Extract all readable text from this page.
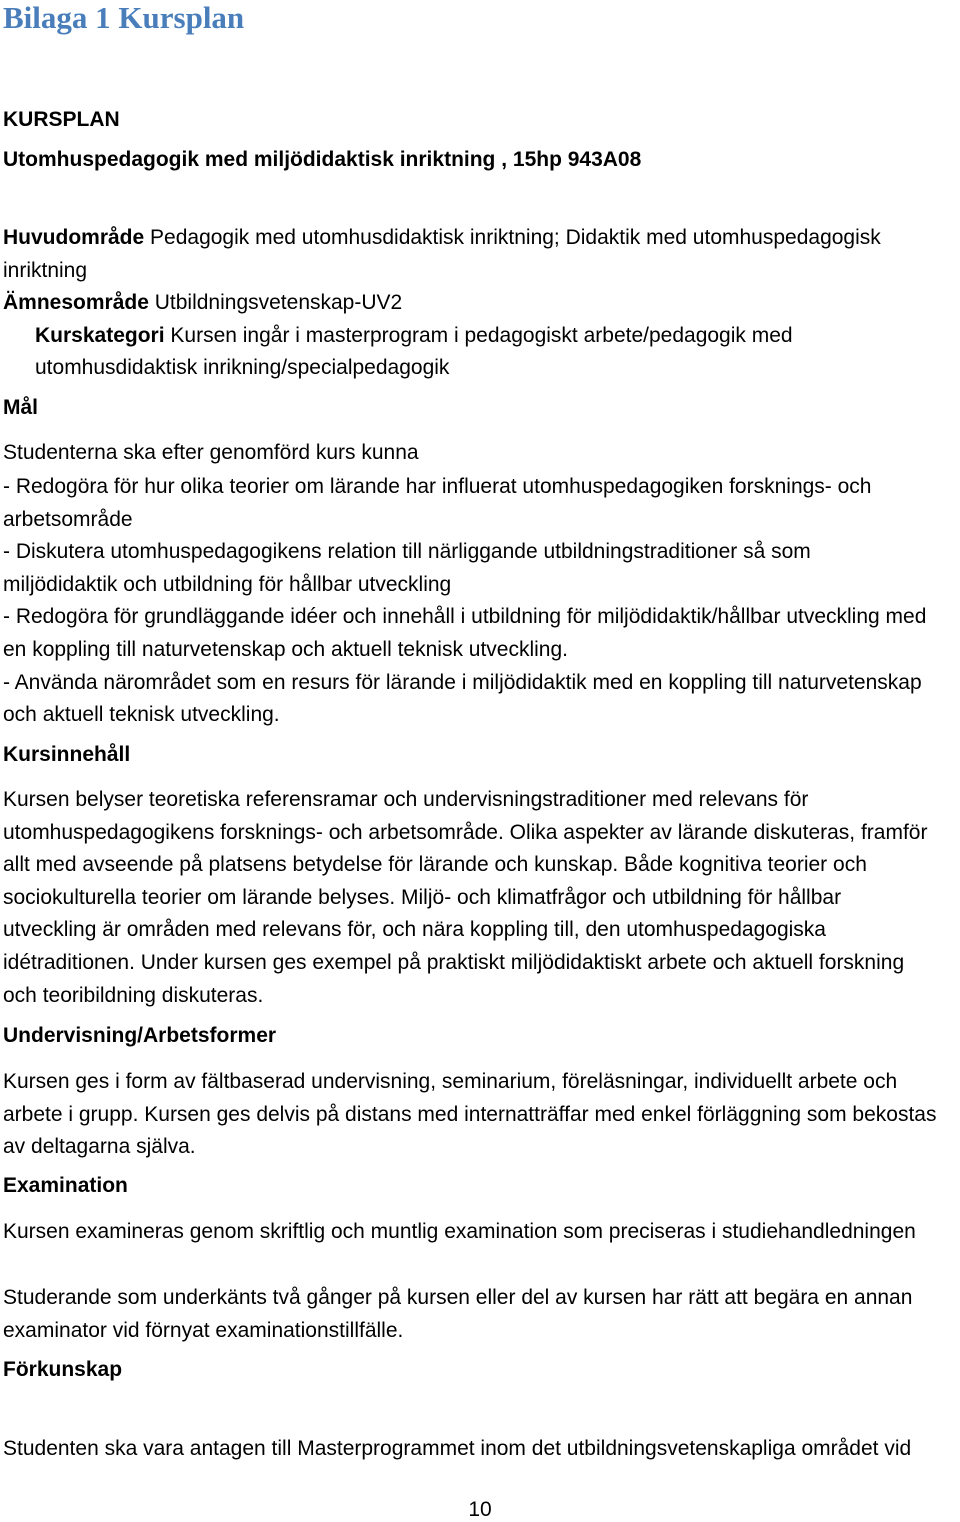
Bilaga 1 Kursplan
KURSPLAN
Utomhuspedagogik med miljödidaktisk inriktning , 15hp 943A08
Huvudområde Pedagogik med utomhusdidaktisk inriktning; Didaktik med utomhuspedagogisk
inriktning
Ämnesområde Utbildningsvetenskap-UV2
Kurskategori Kursen ingår i masterprogram i pedagogiskt arbete/pedagogik med
utomhusdidaktisk inrikning/specialpedagogik
Mål
Studenterna ska efter genomförd kurs kunna
- Redogöra för hur olika teorier om lärande har influerat utomhuspedagogiken forsknings- och
arbetsområde
- Diskutera utomhuspedagogikens relation till närliggande utbildningstraditioner så som
miljödidaktik och utbildning för hållbar utveckling
- Redogöra för grundläggande idéer och innehåll i utbildning för miljödidaktik/hållbar utveckling med
en koppling till naturvetenskap och aktuell teknisk utveckling.
- Använda närområdet som en resurs för lärande i miljödidaktik med en koppling till naturvetenskap
och aktuell teknisk utveckling.
Kursinnehåll
Kursen belyser teoretiska referensramar och undervisningstraditioner med relevans för
utomhuspedagogikens forsknings- och arbetsområde. Olika aspekter av lärande diskuteras, framför
allt med avseende på platsens betydelse för lärande och kunskap. Både kognitiva teorier och
sociokulturella teorier om lärande belyses. Miljö- och klimatfrågor och utbildning för hållbar
utveckling är områden med relevans för, och nära koppling till, den utomhuspedagogiska
idétraditionen. Under kursen ges exempel på praktiskt miljödidaktiskt arbete och aktuell forskning
och teoribildning diskuteras.
Undervisning/Arbetsformer
Kursen ges i form av fältbaserad undervisning, seminarium, föreläsningar, individuellt arbete och
arbete i grupp. Kursen ges delvis på distans med internatträffar med enkel förläggning som bekostas
av deltagarna själva.
Examination
Kursen examineras genom skriftlig och muntlig examination som preciseras i studiehandledningen
Studerande som underkänts två gånger på kursen eller del av kursen har rätt att begära en annan
examinator vid förnyat examinationstillfälle.
Förkunskap
Studenten ska vara antagen till Masterprogrammet inom det utbildningsvetenskapliga området vid
10
